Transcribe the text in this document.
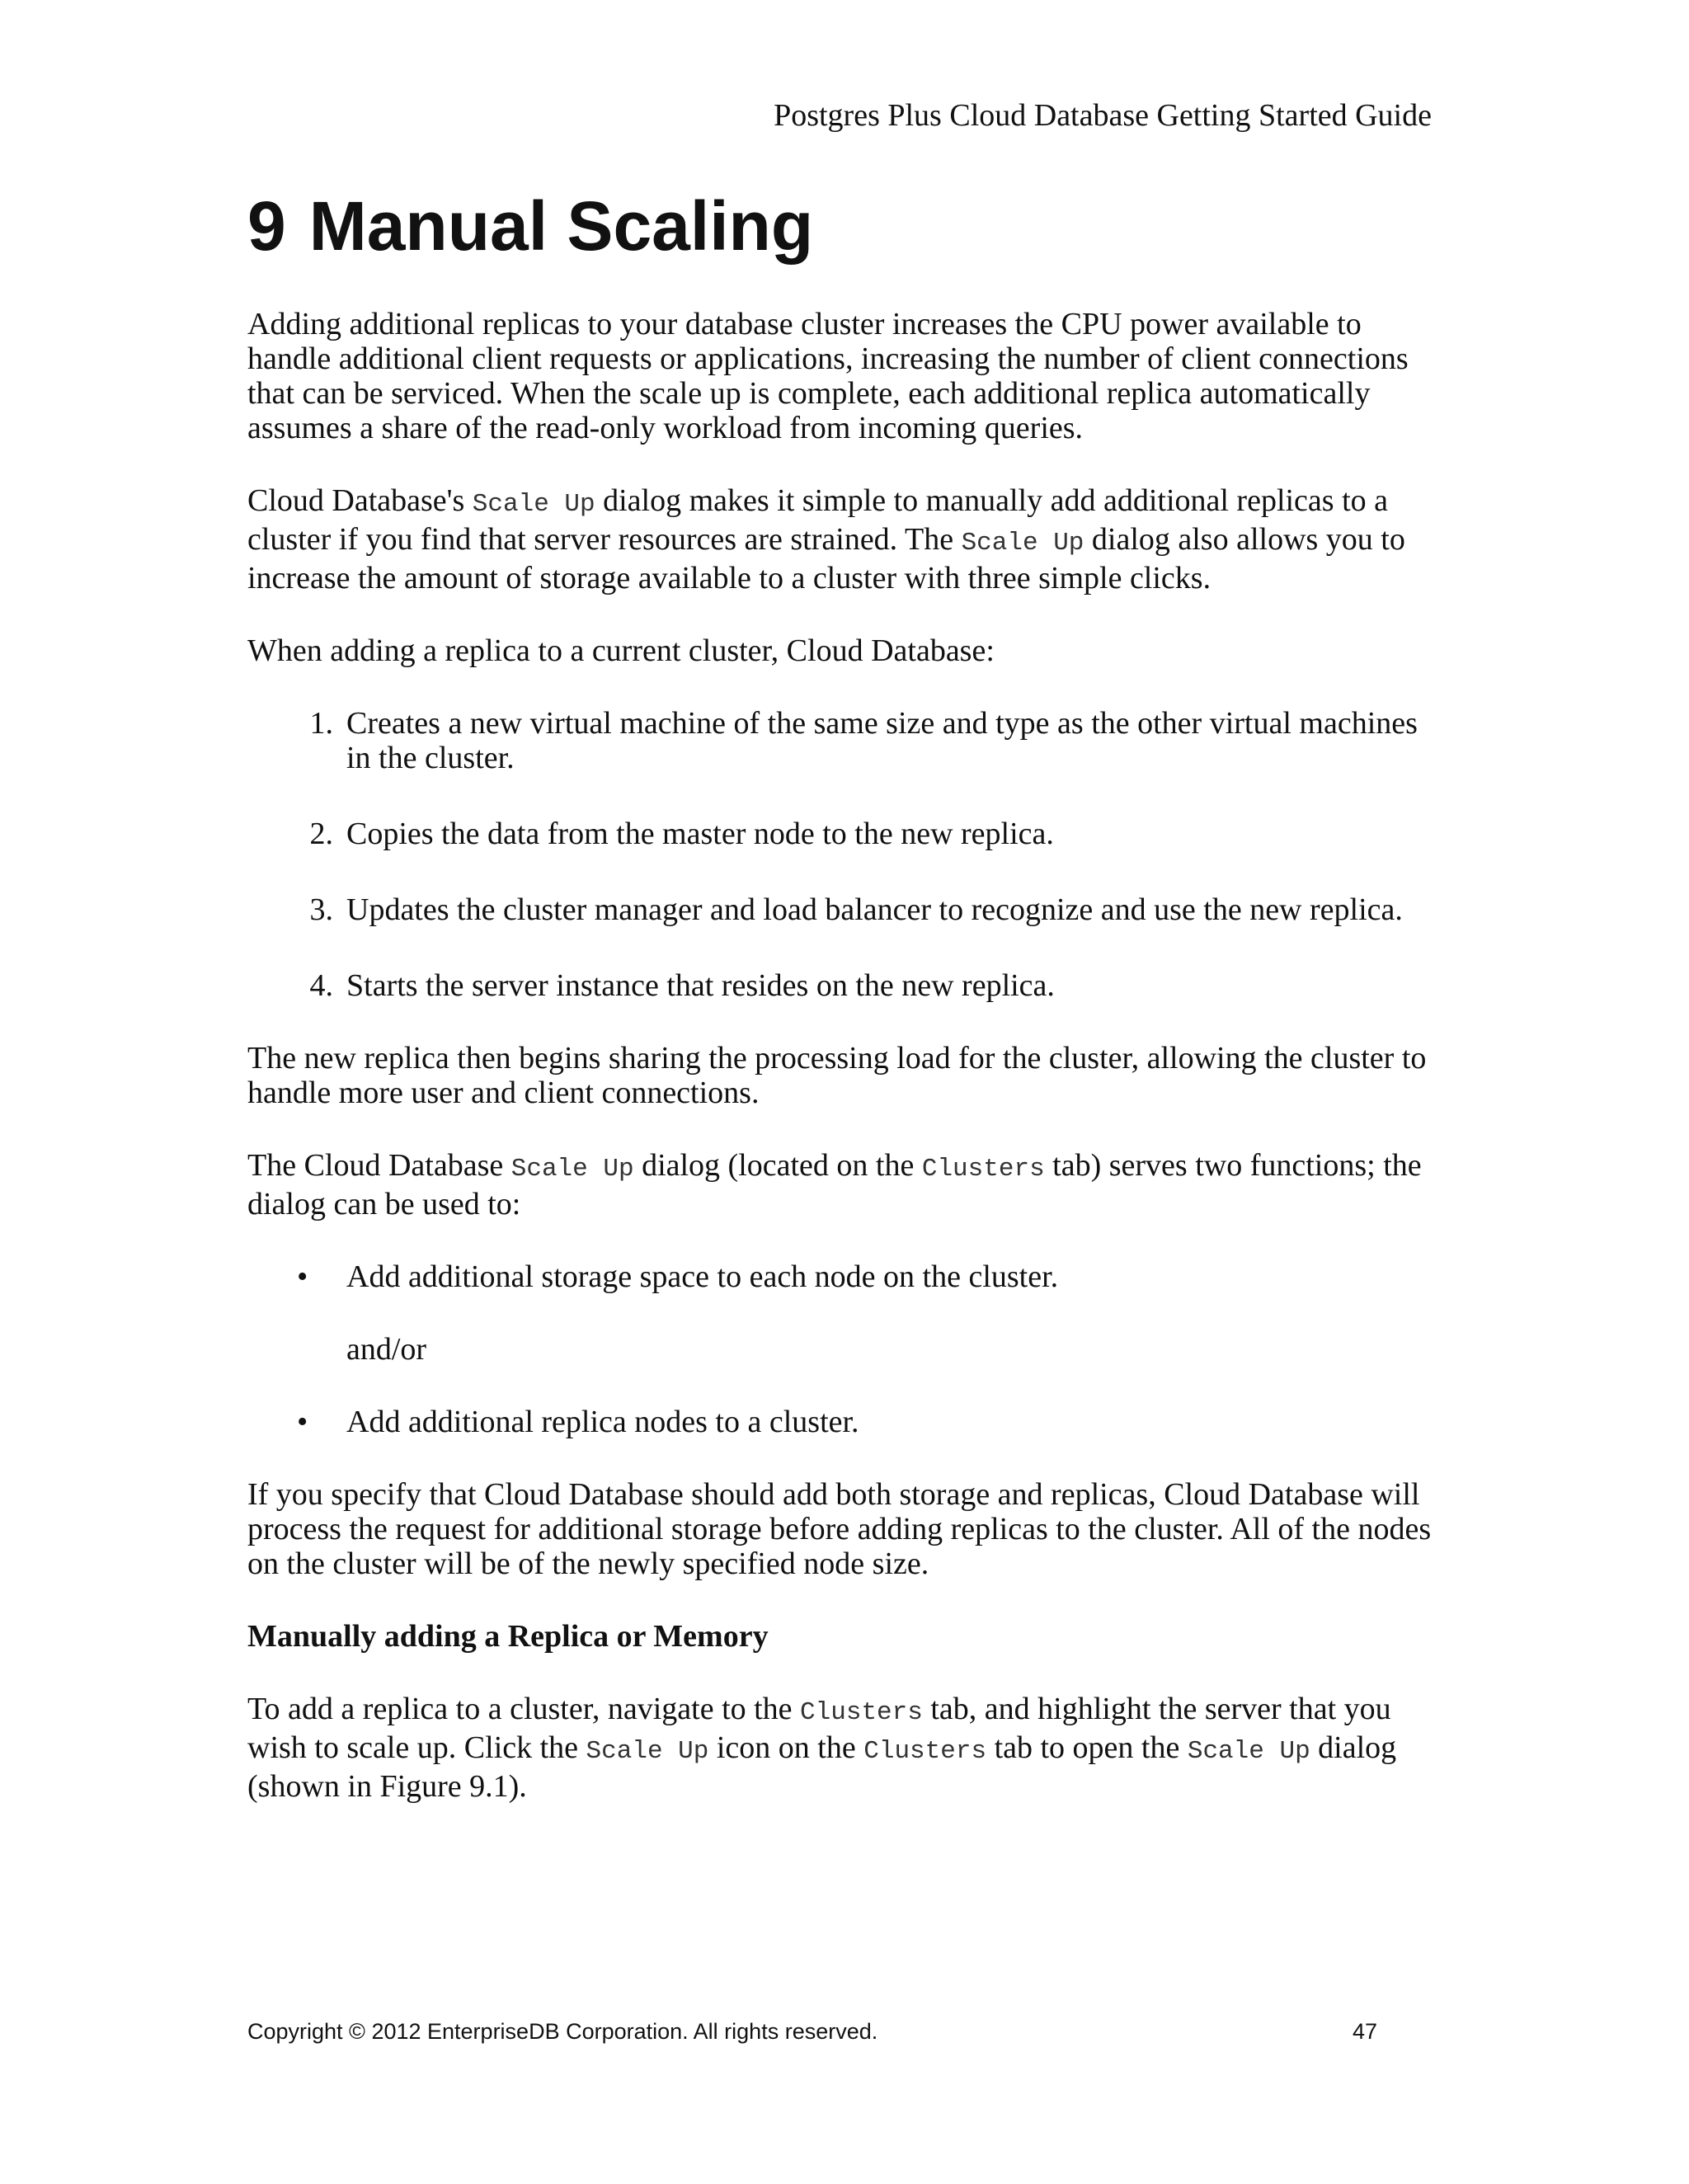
Postgres Plus Cloud Database Getting Started Guide
9 Manual Scaling

Adding additional replicas to your database cluster increases the CPU power available to handle additional client requests or applications, increasing the number of client connections that can be serviced. When the scale up is complete, each additional replica automatically assumes a share of the read-only workload from incoming queries.

Cloud Database's Scale Up dialog makes it simple to manually add additional replicas to a cluster if you find that server resources are strained. The Scale Up dialog also allows you to increase the amount of storage available to a cluster with three simple clicks.

When adding a replica to a current cluster, Cloud Database:

1. Creates a new virtual machine of the same size and type as the other virtual machines in the cluster.
2. Copies the data from the master node to the new replica.
3. Updates the cluster manager and load balancer to recognize and use the new replica.
4. Starts the server instance that resides on the new replica.

The new replica then begins sharing the processing load for the cluster, allowing the cluster to handle more user and client connections.

The Cloud Database Scale Up dialog (located on the Clusters tab) serves two functions; the dialog can be used to:

• Add additional storage space to each node on the cluster.
and/or
• Add additional replica nodes to a cluster.

If you specify that Cloud Database should add both storage and replicas, Cloud Database will process the request for additional storage before adding replicas to the cluster. All of the nodes on the cluster will be of the newly specified node size.

Manually adding a Replica or Memory

To add a replica to a cluster, navigate to the Clusters tab, and highlight the server that you wish to scale up. Click the Scale Up icon on the Clusters tab to open the Scale Up dialog (shown in Figure 9.1).

Copyright © 2012 EnterpriseDB Corporation. All rights reserved.	47
